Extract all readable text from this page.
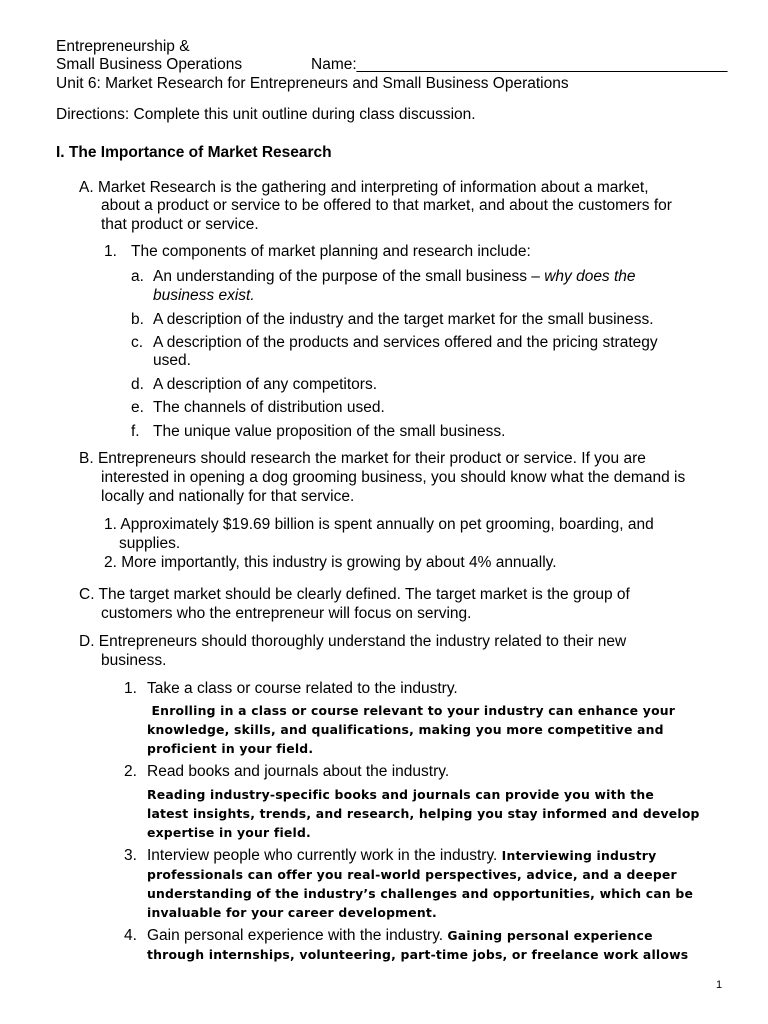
Entrepreneurship &
Small Business Operations	Name:___________________________________________
Unit 6: Market Research for Entrepreneurs and Small Business Operations
Directions: Complete this unit outline during class discussion.
I. The Importance of Market Research
A. Market Research is the gathering and interpreting of information about a market,
about a product or service to be offered to that market, and about the customers for
that product or service.
1. The components of market planning and research include:
a. An understanding of the purpose of the small business – why does the
business exist.
b. A description of the industry and the target market for the small business.
c. A description of the products and services offered and the pricing strategy
used.
d. A description of any competitors.
e. The channels of distribution used.
f. The unique value proposition of the small business.
B. Entrepreneurs should research the market for their product or service. If you are
interested in opening a dog grooming business, you should know what the demand is
locally and nationally for that service.
1. Approximately $19.69 billion is spent annually on pet grooming, boarding, and
supplies.
2. More importantly, this industry is growing by about 4% annually.
C. The target market should be clearly defined. The target market is the group of
customers who the entrepreneur will focus on serving.
D. Entrepreneurs should thoroughly understand the industry related to their new
business.
1. Take a class or course related to the industry.
Enrolling in a class or course relevant to your industry can enhance your
knowledge, skills, and qualifications, making you more competitive and
proficient in your field.
2. Read books and journals about the industry.
Reading industry-specific books and journals can provide you with the
latest insights, trends, and research, helping you stay informed and develop
expertise in your field.
3. Interview people who currently work in the industry. Interviewing industry
professionals can offer you real-world perspectives, advice, and a deeper
understanding of the industry’s challenges and opportunities, which can be
invaluable for your career development.
4. Gain personal experience with the industry. Gaining personal experience
through internships, volunteering, part-time jobs, or freelance work allows
1
